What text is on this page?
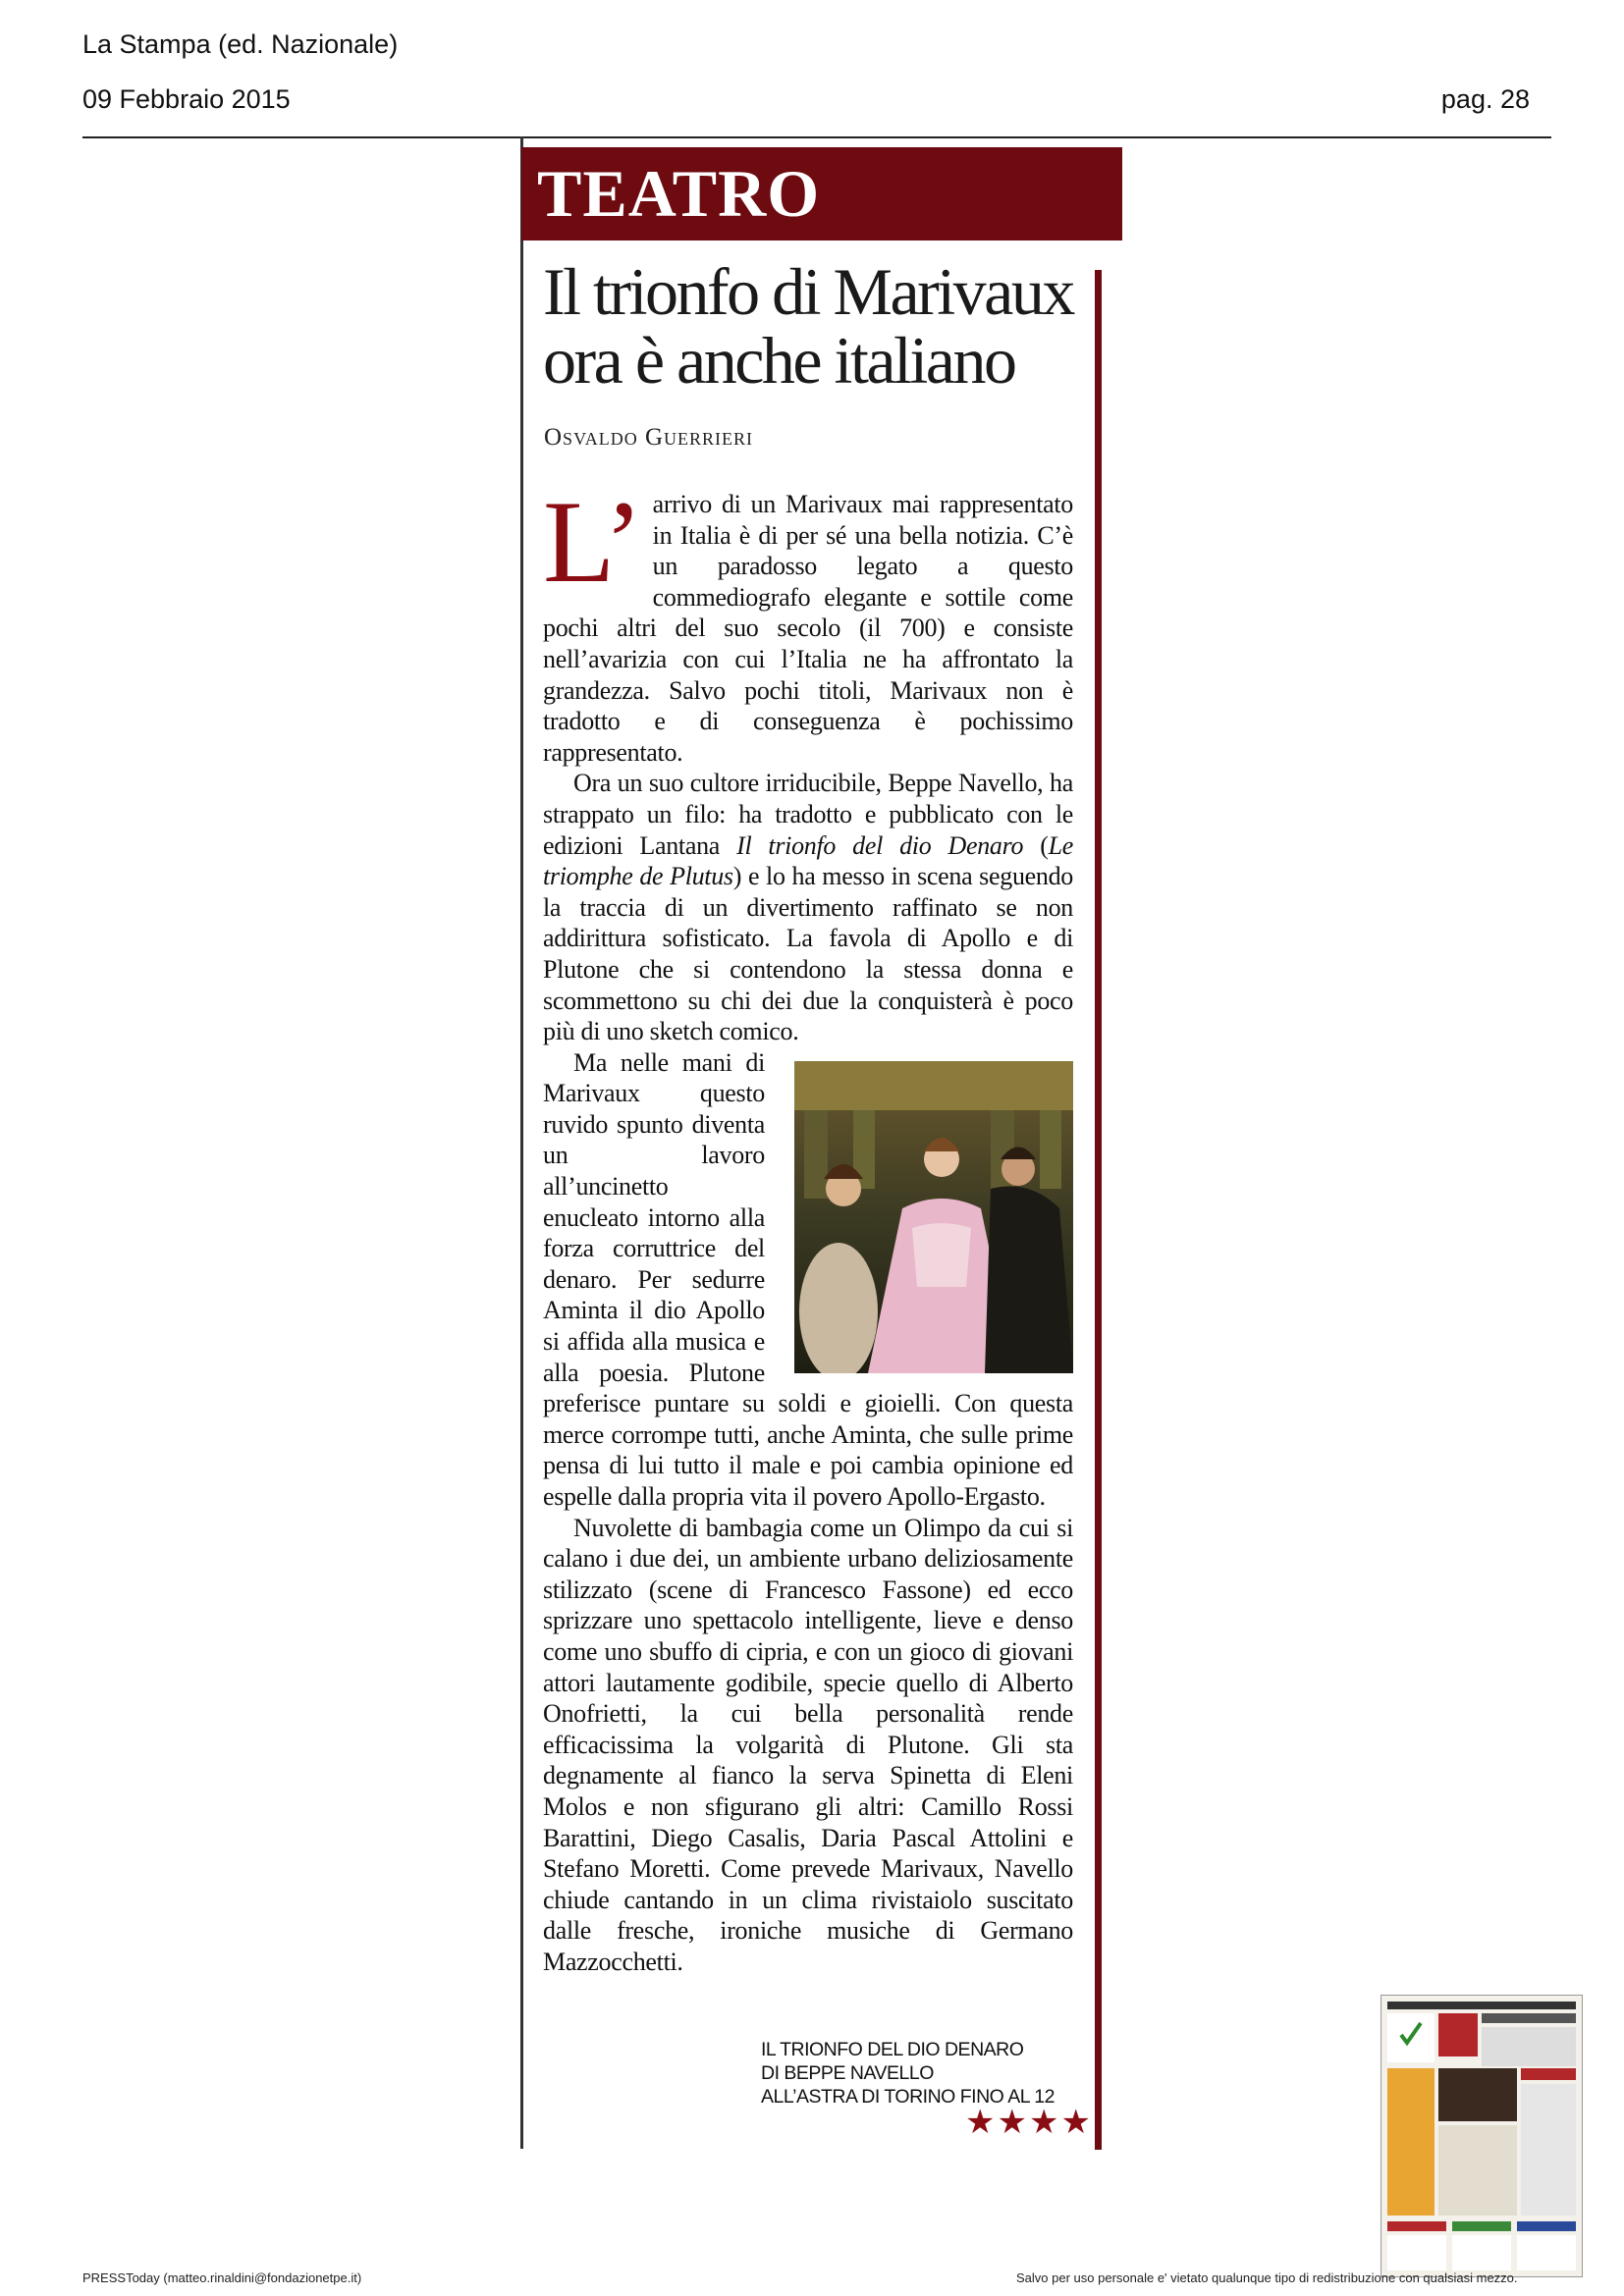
La Stampa (ed. Nazionale)
09 Febbraio 2015	pag. 28
TEATRO
Il trionfo di Marivaux
ora è anche italiano
Osvaldo Guerrieri

L’ arrivo di un Marivaux mai rappresentato in Italia è di per sé una bella notizia. C’è un paradosso legato a questo commediografo elegante e sottile come pochi altri del suo secolo (il 700) e consiste nell’avarizia con cui l’Italia ne ha affrontato la grandezza. Salvo pochi titoli, Marivaux non è tradotto e di conseguenza è pochissimo rappresentato.

Ora un suo cultore irriducibile, Beppe Navello, ha strappato un filo: ha tradotto e pubblicato con le edizioni Lantana Il trionfo del dio Denaro (Le triomphe de Plutus) e lo ha messo in scena seguendo la traccia di un divertimento raffinato se non addirittura sofisticato. La favola di Apollo e di Plutone che si contendono la stessa donna e scommettono su chi dei due la conquisterà è poco più di uno sketch comico.

Ma nelle mani di Marivaux questo ruvido spunto diventa un lavoro all’uncinetto enucleato intorno alla forza corruttrice del denaro. Per sedurre Aminta il dio Apollo si affida alla musica e alla poesia. Plutone preferisce puntare su soldi e gioielli. Con questa merce corrompe tutti, anche Aminta, che sulle prime pensa di lui tutto il male e poi cambia opinione ed espelle dalla propria vita il povero Apollo-Ergasto.

Nuvolette di bambagia come un Olimpo da cui si calano i due dei, un ambiente urbano deliziosamente stilizzato (scene di Francesco Fassone) ed ecco sprizzare uno spettacolo intelligente, lieve e denso come uno sbuffo di cipria, e con un gioco di giovani attori lautamente godibile, specie quello di Alberto Onofrietti, la cui bella personalità rende efficacissima la volgarità di Plutone. Gli sta degnamente al fianco la serva Spinetta di Eleni Molos e non sfigurano gli altri: Camillo Rossi Barattini, Diego Casalis, Daria Pascal Attolini e Stefano Moretti. Come prevede Marivaux, Navello chiude cantando in un clima rivistaiolo suscitato dalle fresche, ironiche musiche di Germano Mazzocchetti.

IL TRIONFO DEL DIO DENARO
DI BEPPE NAVELLO
ALL’ASTRA DI TORINO FINO AL 12
★★★★
PRESSToday (matteo.rinaldini@fondazionetpe.it)	Salvo per uso personale e' vietato qualunque tipo di redistribuzione con qualsiasi mezzo.
